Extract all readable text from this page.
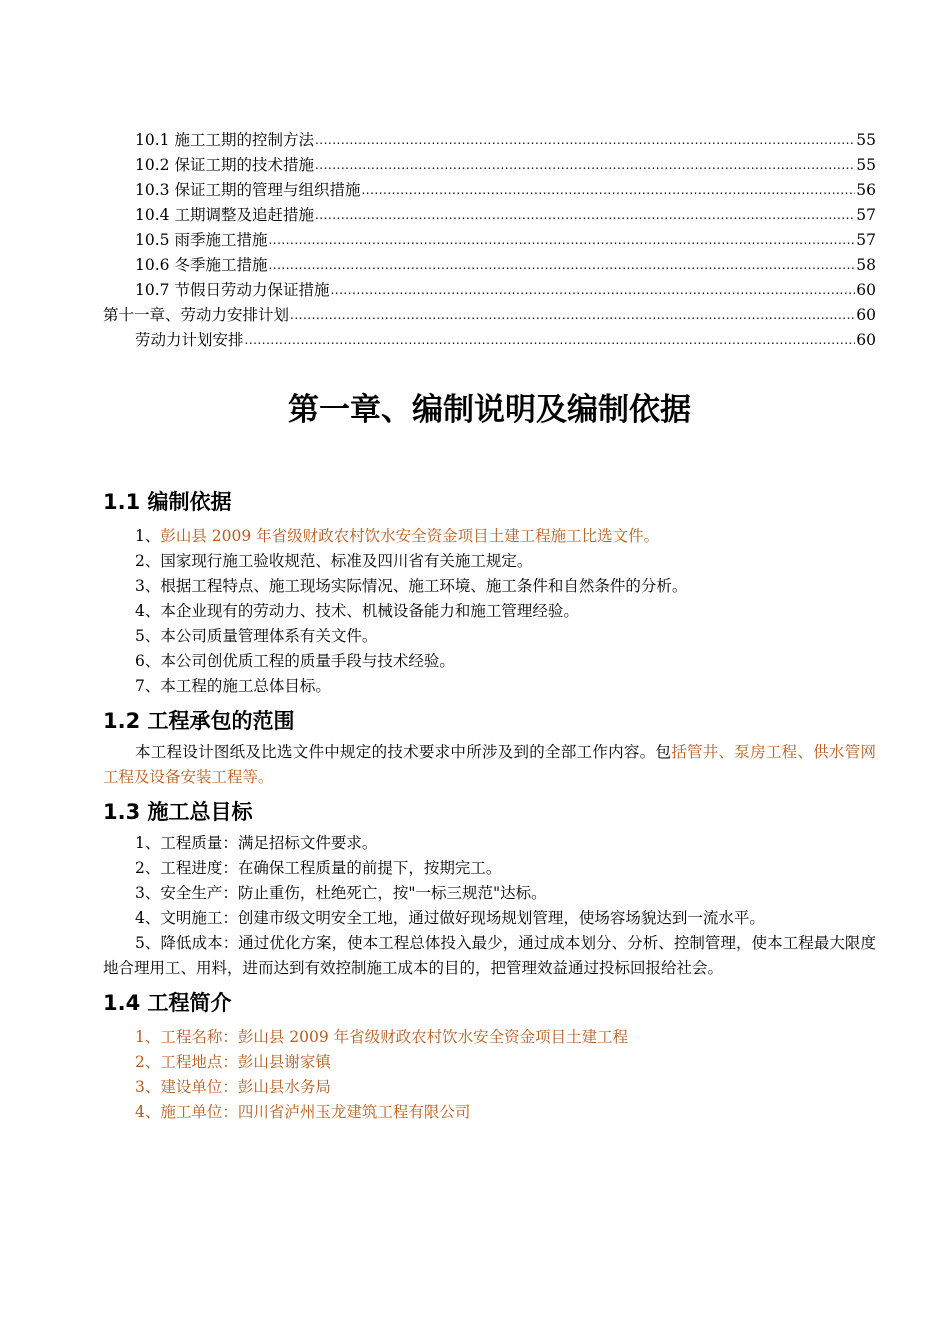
10.1 施工工期的控制方法 .....	55
10.2 保证工期的技术措施 .....	55
10.3 保证工期的管理与组织措施 .....	56
10.4 工期调整及追赶措施 .....	57
10.5 雨季施工措施 .....	57
10.6 冬季施工措施 .....	58
10.7 节假日劳动力保证措施 .....	60
第十一章、劳动力安排计划 .....	60
劳动力计划安排 .....	60
第一章、编制说明及编制依据
1.1 编制依据

1、彭山县 2009 年省级财政农村饮水安全资金项目土建工程施工比选文件。

2、国家现行施工验收规范、标准及四川省有关施工规定。

3、根据工程特点、施工现场实际情况、施工环境、施工条件和自然条件的分析。

4、本企业现有的劳动力、技术、机械设备能力和施工管理经验。

5、本公司质量管理体系有关文件。

6、本公司创优质工程的质量手段与技术经验。

7、本工程的施工总体目标。

1.2 工程承包的范围

本工程设计图纸及比选文件中规定的技术要求中所涉及到的全部工作内容。包括管井、泵房工程、供水管网工程及设备安装工程等。

1.3 施工总目标

1、工程质量：满足招标文件要求。

2、工程进度：在确保工程质量的前提下，按期完工。

3、安全生产：防止重伤，杜绝死亡，按"一标三规范"达标。

4、文明施工：创建市级文明安全工地，通过做好现场规划管理，使场容场貌达到一流水平。

5、降低成本：通过优化方案，使本工程总体投入最少，通过成本划分、分析、控制管理，使本工程最大限度地合理用工、用料，进而达到有效控制施工成本的目的，把管理效益通过投标回报给社会。

1.4 工程简介

1、工程名称：彭山县 2009 年省级财政农村饮水安全资金项目土建工程

2、工程地点：彭山县谢家镇

3、建设单位：彭山县水务局

4、施工单位：四川省泸州玉龙建筑工程有限公司
